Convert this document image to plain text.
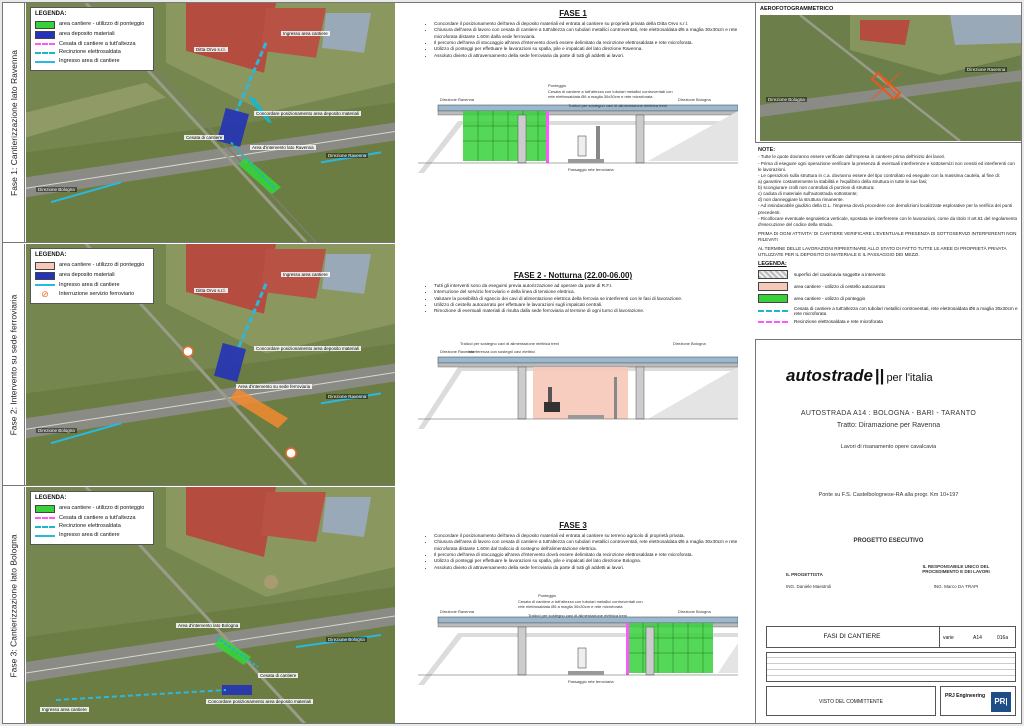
Fase 1: Cantierizzazione lato Ravenna
LEGENDA:
area cantiere - utilizzo di ponteggio
area deposito materiali
Cesata di cantiere a tutt'altezza
Recinzione elettrosaldata
Ingresso area di cantiere
Ditta Orvo s.r.l.
Ingresso area cantiere
Concordare posizionamento area deposito materiali
Cesata di cantiere
Area d'intervento lato Ravenna
Direzione Bologna
Direzione Ravenna
Fase 2: Intervento su sede ferroviaria
LEGENDA:
area cantiere - utilizzo di ponteggio
area deposito materiali
Ingresso area di cantiere
⊘	Interruzione servizio ferroviario
Ditta Orvo s.r.l.
Ingresso area cantiere
Concordare posizionamento area deposito materiali
Area d'intervento su sede ferroviaria
Direzione Bologna
Direzione Ravenna
Fase 3: Cantierizzazione lato Bologna
LEGENDA:
area cantiere - utilizzo di ponteggio
Cesata di cantiere a tutt'altezza
Recinzione elettrosaldata
Ingresso area di cantiere
Area d'intervento lato Bologna
Cesata di cantiere
Concordare posizionamento area deposito materiali
Ingresso area cantiere
Direzione Bologna
FASE 1
• Concordare il posizionamento dell'area di deposito materiali ed entrata al cantiere su proprietà privata della Ditta Orvo s.r.l.
• Chiusura dell'area di lavoro con cesata di cantiere a tutt'altezza con tubolari metallici controventati, rete elettrosaldata Ø6 a maglia 30x30cm e rete microforata distante 1.60m dalla sede ferroviaria.
• Il percorso dell'area di stoccaggio all'area d'intervento dovrà essere delimitato da recinzione elettrosaldata e rete microforata.
• Utilizzo di ponteggi per effettuare le lavorazioni su spalla, pile e impalcati del lato direzione Ravenna.
• Assoluto divieto di attraversamento della sede ferroviaria da parte di tutti gli addetti ai lavori.
Ponteggio
Cesata di cantiere a tutt'altezza con tubolari metallici controventati con rete elettrosaldata Ø6 a maglia 30x30cm e rete microforata
Tralicci per sostegno cavi di alimentazione elettrica treni
Direzione Ravenna	Direzione Bologna
Passaggio rete ferroviaria
FASE 2 - Notturna (22.00-06.00)
• Tutti gli interventi sono da eseguirsi previa autorizzazione ad operare da parte di R.F.I.
• Interruzione del servizio ferroviario e della linea di tensione elettrica.
• Valutare la possibilità di sgancio dei cavi di alimentazione elettrica della ferrovia se interferenti con le fasi di lavorazione.
• Utilizzo di cestello autocarrato per effettuare le lavorazioni sugli impalcati centrali.
• Rimozione di eventuali materiali di risulta dalla sede ferroviaria al termine di ogni turno di lavorazione.
Tralicci per sostegno cavi di alimentazione elettrica treni
Interferenza con sostegni cavi elettrici
Direzione Ravenna
Direzione Bologna
FASE 3
• Concordare il posizionamento dell'area di deposito materiali ed entrata al cantiere su terreno agricolo di proprietà privata.
• Chiusura dell'area di lavoro con cesata di cantiere a tutt'altezza con tubolari metallici controventati, rete elettrosaldata Ø6 a maglia 30x30cm e rete microforata distante 1.60m dal traliccio di sostegno dell'alimentazione elettrica.
• Il percorso dell'area di stoccaggio all'area d'intervento dovrà essere delimitato da recinzione elettrosaldata e rete microforata.
• Utilizzo di ponteggi per effettuare le lavorazioni su spalla, pile e impalcati del lato direzione Bologna.
• Assoluto divieto di attraversamento della sede ferroviaria da parte di tutti gli addetti ai lavori.
Ponteggio
Cesata di cantiere a tutt'altezza con tubolari metallici controventati con rete elettrosaldata Ø6 a maglia 30x30cm e rete microforata
Tralicci per sostegno cavi di alimentazione elettrica treni
Direzione Ravenna	Direzione Bologna
Passaggio rete ferroviaria
AEROFOTOGRAMMETRICO
Direzione Bologna
Direzione Ravenna
NOTE:
- Tutte le quote dovranno essere verificate dall'impresa in cantiere prima dell'inizio dei lavori.
- Prima di eseguire ogni operazione verificare la presenza di eventuali interferenze e sottoservizi non censiti ed interferenti con le lavorazioni.
- Le operazioni sulla struttura in c.a. dovranno essere del tipo controllato ed eseguite con la massima cautela, al fine di:
a) garantire costantemente la stabilità e l'equilibrio della struttura in tutte le sue fasi;
b) scongiurare crolli non controllati di porzioni di struttura;
c) caduta di materiale sull'autostrada sottostante;
d) non danneggiare la struttura rimanente.
- Ad insindacabile giudizio della D.L. l'impresa dovrà procedere con demolizioni localizzate esplorative per la verifica dei punti precedenti.
- Ricollocare eventuale segnaletica verticale, spostata se interferente con le lavorazioni, come da titolo II art.81 del regolamento d'esecuzione del codice della strada.
PRIMA DI OGNI ATTIVITA' DI CANTIERE VERIFICARE L'EVENTUALE PRESENZA DI SOTTOSERVIZI INTERFERENTI NON RILEVATI
AL TERMINE DELLE LAVORAZIONI RIPRISTINARE ALLO STATO DI FATTO TUTTE LE AREE DI PROPRIETÀ PRIVATA UTILIZZATE PER IL DEPOSITO DI MATERIALE E IL PASSAGGIO DEI MEZZI.
LEGENDA:
superfici del cavalcavia soggette a intervento
area cantiere - utilizzo di cestello autocarrato
area cantiere - utilizzo di ponteggio
Cesata di cantiere a tutt'altezza con tubolari metallici controventati, rete elettrosaldata Ø6 a maglia 30x30cm e rete microforata
Recinzione elettrosaldata e rete microforata
autostrade || per l'italia
AUTOSTRADA A14 : BOLOGNA - BARI - TARANTO
Tratto: Diramazione per Ravenna
Lavori di risanamento opere cavalcavia
Ponte su F.S. Castelbolognese-RA alla progr. Km 10+197
PROGETTO ESECUTIVO
IL PROGETTISTA
ING. Daniele Maestroli
IL RESPONSABILE UNICO DEL PROCEDIMENTO E DEI LAVORI
ING. Marco DA TRAPI
FASI DI CANTIERE	varie	A14	016a
VISTO DEL COMMITTENTE
PRJ Engineering
PR|
